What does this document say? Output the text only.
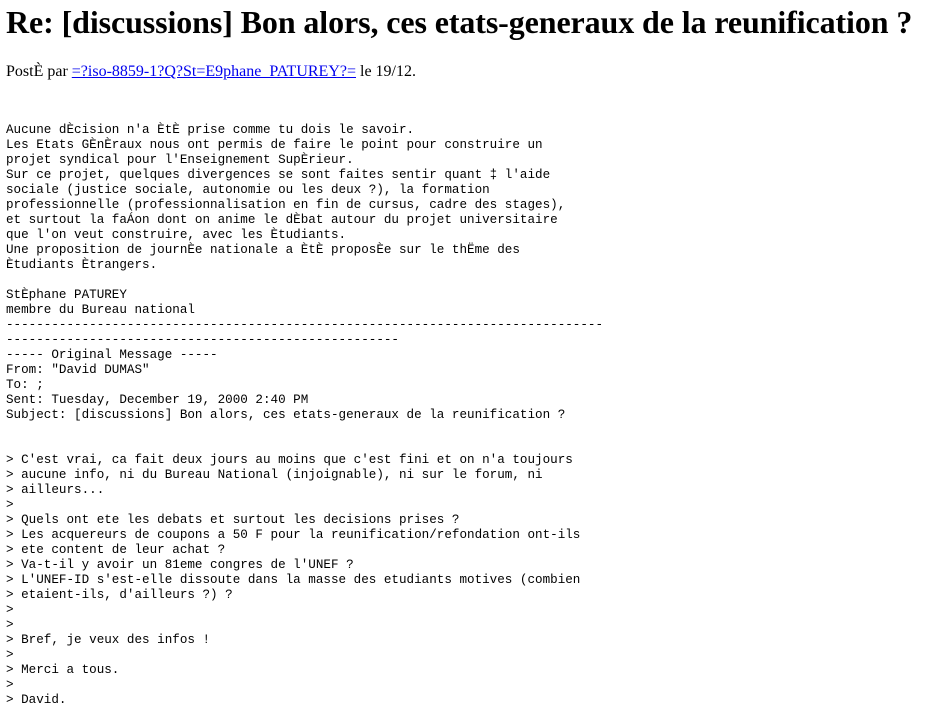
Re: [discussions] Bon alors, ces etats-generaux de la reunification ?

PostÈ par =?iso-8859-1?Q?St=E9phane_PATUREY?= le 19/12.

Aucune dÈcision n'a ÈtÈ prise comme tu dois le savoir.
Les Etats GÈnÈraux nous ont permis de faire le point pour construire un
projet syndical pour l'Enseignement SupÈrieur.
Sur ce projet, quelques divergences se sont faites sentir quant ‡ l'aide
sociale (justice sociale, autonomie ou les deux ?), la formation
professionnelle (professionnalisation en fin de cursus, cadre des stages),
et surtout la faÁon dont on anime le dÈbat autour du projet universitaire
que l'on veut construire, avec les Ètudiants.
Une proposition de journÈe nationale a ÈtÈ proposÈe sur le thËme des
Ètudiants Ètrangers.

StÈphane PATUREY
membre du Bureau national
-------------------------------------------------------------------------------
----------------------------------------------------
----- Original Message -----
From: "David DUMAS"
To: ;
Sent: Tuesday, December 19, 2000 2:40 PM
Subject: [discussions] Bon alors, ces etats-generaux de la reunification ?

> C'est vrai, ca fait deux jours au moins que c'est fini et on n'a toujours
> aucune info, ni du Bureau National (injoignable), ni sur le forum, ni
> ailleurs...
>
> Quels ont ete les debats et surtout les decisions prises ?
> Les acquereurs de coupons a 50 F pour la reunification/refondation ont-ils
> ete content de leur achat ?
> Va-t-il y avoir un 81eme congres de l'UNEF ?
> L'UNEF-ID s'est-elle dissoute dans la masse des etudiants motives (combien
> etaient-ils, d'ailleurs ?) ?
>
>
> Bref, je veux des infos !
>
> Merci a tous.
>
> David.
